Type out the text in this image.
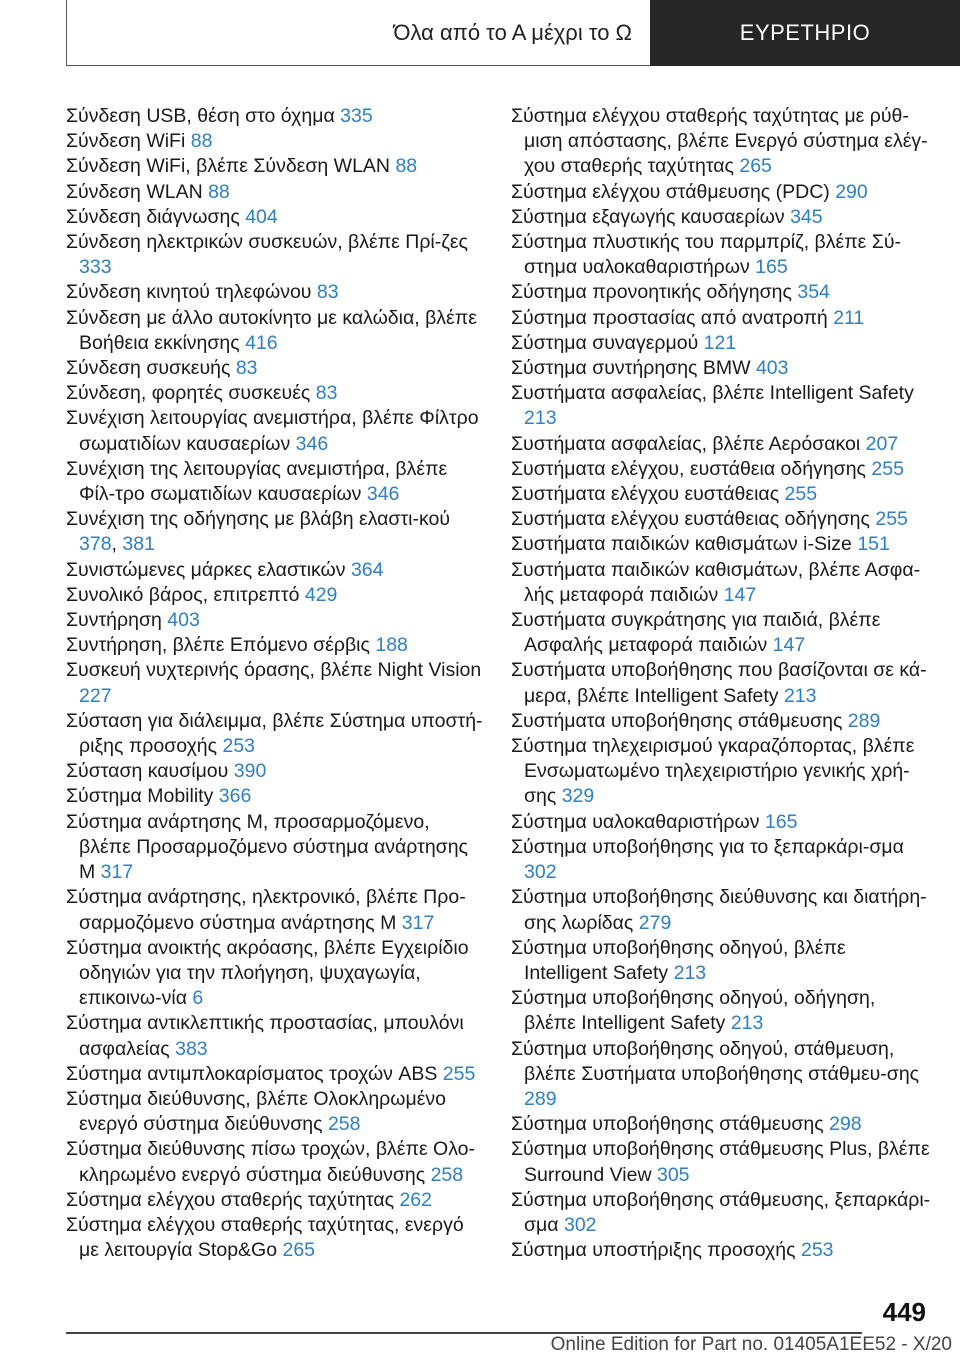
Όλα από το Α μέχρι το Ω	ΕΥΡΕΤΗΡΙΟ
Σύνδεση USB, θέση στο όχημα 335
Σύνδεση WiFi 88
Σύνδεση WiFi, βλέπε Σύνδεση WLAN 88
Σύνδεση WLAN 88
Σύνδεση διάγνωσης 404
Σύνδεση ηλεκτρικών συσκευών, βλέπε Πρί‐ζες 333
Σύνδεση κινητού τηλεφώνου 83
Σύνδεση με άλλο αυτοκίνητο με καλώδια, βλέπε Βοήθεια εκκίνησης 416
Σύνδεση συσκευής 83
Σύνδεση, φορητές συσκευές 83
Συνέχιση λειτουργίας ανεμιστήρα, βλέπε Φίλτρο σωματιδίων καυσαερίων 346
Συνέχιση της λειτουργίας ανεμιστήρα, βλέπε Φίλ‐τρο σωματιδίων καυσαερίων 346
Συνέχιση της οδήγησης με βλάβη ελαστι‐κού 378, 381
Συνιστώμενες μάρκες ελαστικών 364
Συνολικό βάρος, επιτρεπτό 429
Συντήρηση 403
Συντήρηση, βλέπε Επόμενο σέρβις 188
Συσκευή νυχτερινής όρασης, βλέπε Night Vision 227
Σύσταση για διάλειμμα, βλέπε Σύστημα υποστή‐ριξης προσοχής 253
Σύσταση καυσίμου 390
Σύστημα Mobility 366
Σύστημα ανάρτησης M, προσαρμοζόμενο, βλέπε Προσαρμοζόμενο σύστημα ανάρτησης M 317
Σύστημα ανάρτησης, ηλεκτρονικό, βλέπε Προ‐σαρμοζόμενο σύστημα ανάρτησης M 317
Σύστημα ανοικτής ακρόασης, βλέπε Εγχειρίδιο οδηγιών για την πλοήγηση, ψυχαγωγία, επικοινω‐νία 6
Σύστημα αντικλεπτικής προστασίας, μπουλόνι ασφαλείας 383
Σύστημα αντιμπλοκαρίσματος τροχών ABS 255
Σύστημα διεύθυνσης, βλέπε Ολοκληρωμένο ενεργό σύστημα διεύθυνσης 258
Σύστημα διεύθυνσης πίσω τροχών, βλέπε Ολο‐κληρωμένο ενεργό σύστημα διεύθυνσης 258
Σύστημα ελέγχου σταθερής ταχύτητας 262
Σύστημα ελέγχου σταθερής ταχύτητας, ενεργό με λειτουργία Stop&Go 265
Σύστημα ελέγχου σταθερής ταχύτητας με ρύθ‐μιση απόστασης, βλέπε Ενεργό σύστημα ελέγ‐χου σταθερής ταχύτητας 265
Σύστημα ελέγχου στάθμευσης (PDC) 290
Σύστημα εξαγωγής καυσαερίων 345
Σύστημα πλυστικής του παρμπρίζ, βλέπε Σύ‐στημα υαλοκαθαριστήρων 165
Σύστημα προνοητικής οδήγησης 354
Σύστημα προστασίας από ανατροπή 211
Σύστημα συναγερμού 121
Σύστημα συντήρησης BMW 403
Συστήματα ασφαλείας, βλέπε Intelligent Safety 213
Συστήματα ασφαλείας, βλέπε Αερόσακοι 207
Συστήματα ελέγχου, ευστάθεια οδήγησης 255
Συστήματα ελέγχου ευστάθειας 255
Συστήματα ελέγχου ευστάθειας οδήγησης 255
Συστήματα παιδικών καθισμάτων i-Size 151
Συστήματα παιδικών καθισμάτων, βλέπε Ασφα‐λής μεταφορά παιδιών 147
Συστήματα συγκράτησης για παιδιά, βλέπε Ασφαλής μεταφορά παιδιών 147
Συστήματα υποβοήθησης που βασίζονται σε κά‐μερα, βλέπε Intelligent Safety 213
Συστήματα υποβοήθησης στάθμευσης 289
Σύστημα τηλεχειρισμού γκαραζόπορτας, βλέπε Ενσωματωμένο τηλεχειριστήριο γενικής χρή‐σης 329
Σύστημα υαλοκαθαριστήρων 165
Σύστημα υποβοήθησης για το ξεπαρκάρι‐σμα 302
Σύστημα υποβοήθησης διεύθυνσης και διατήρη‐σης λωρίδας 279
Σύστημα υποβοήθησης οδηγού, βλέπε Intelligent Safety 213
Σύστημα υποβοήθησης οδηγού, οδήγηση, βλέπε Intelligent Safety 213
Σύστημα υποβοήθησης οδηγού, στάθμευση, βλέπε Συστήματα υποβοήθησης στάθμευ‐σης 289
Σύστημα υποβοήθησης στάθμευσης 298
Σύστημα υποβοήθησης στάθμευσης Plus, βλέπε Surround View 305
Σύστημα υποβοήθησης στάθμευσης, ξεπαρκάρι‐σμα 302
Σύστημα υποστήριξης προσοχής 253
449
Online Edition for Part no. 01405A1EE52 - X/20
